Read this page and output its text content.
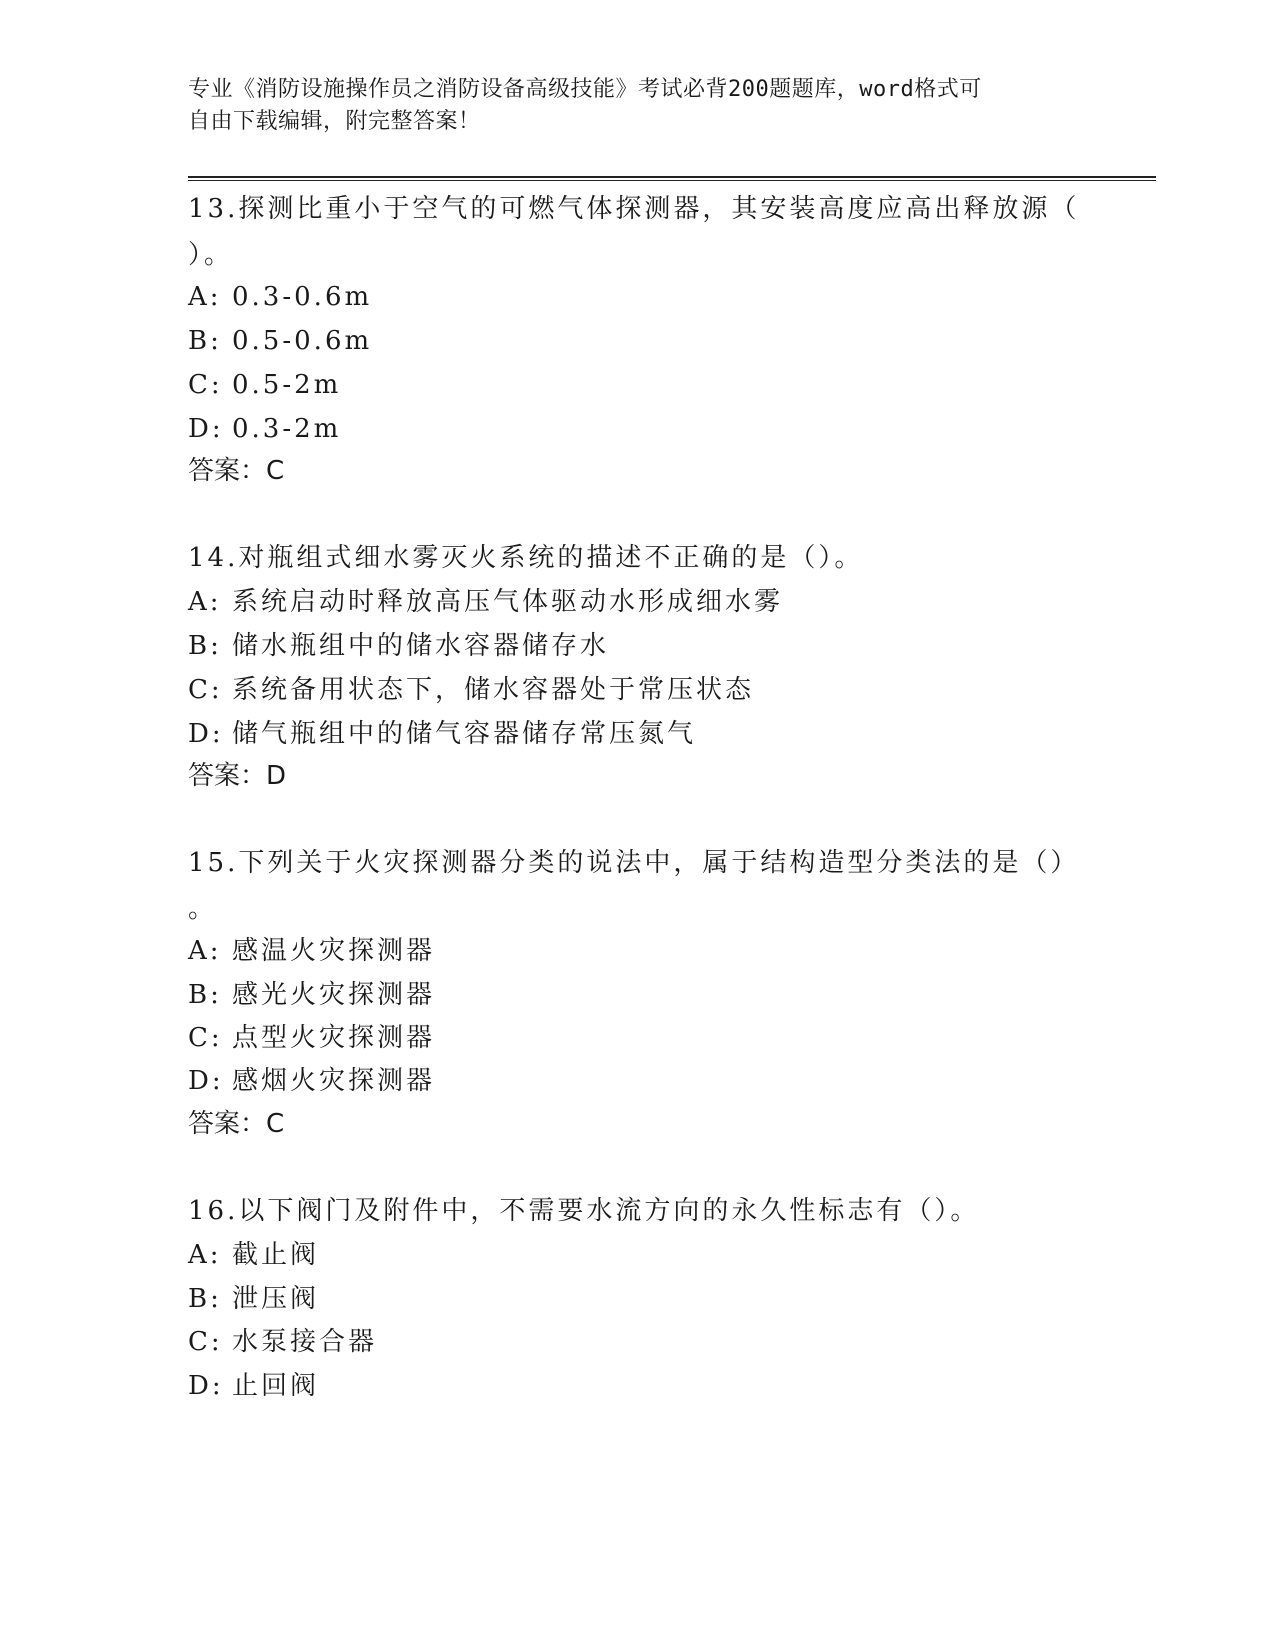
专业《消防设施操作员之消防设备高级技能》考试必背200题题库，word格式可
自由下载编辑，附完整答案！
13.探测比重小于空气的可燃气体探测器，其安装高度应高出释放源（
）。
A: 0.3-0.6m
B: 0.5-0.6m
C: 0.5-2m
D: 0.3-2m
答案：C
14.对瓶组式细水雾灭火系统的描述不正确的是（）。
A: 系统启动时释放高压气体驱动水形成细水雾
B: 储水瓶组中的储水容器储存水
C: 系统备用状态下，储水容器处于常压状态
D: 储气瓶组中的储气容器储存常压氮气
答案：D
15.下列关于火灾探测器分类的说法中，属于结构造型分类法的是（）
。
A: 感温火灾探测器
B: 感光火灾探测器
C: 点型火灾探测器
D: 感烟火灾探测器
答案：C
16.以下阀门及附件中，不需要水流方向的永久性标志有（）。
A: 截止阀
B: 泄压阀
C: 水泵接合器
D: 止回阀
